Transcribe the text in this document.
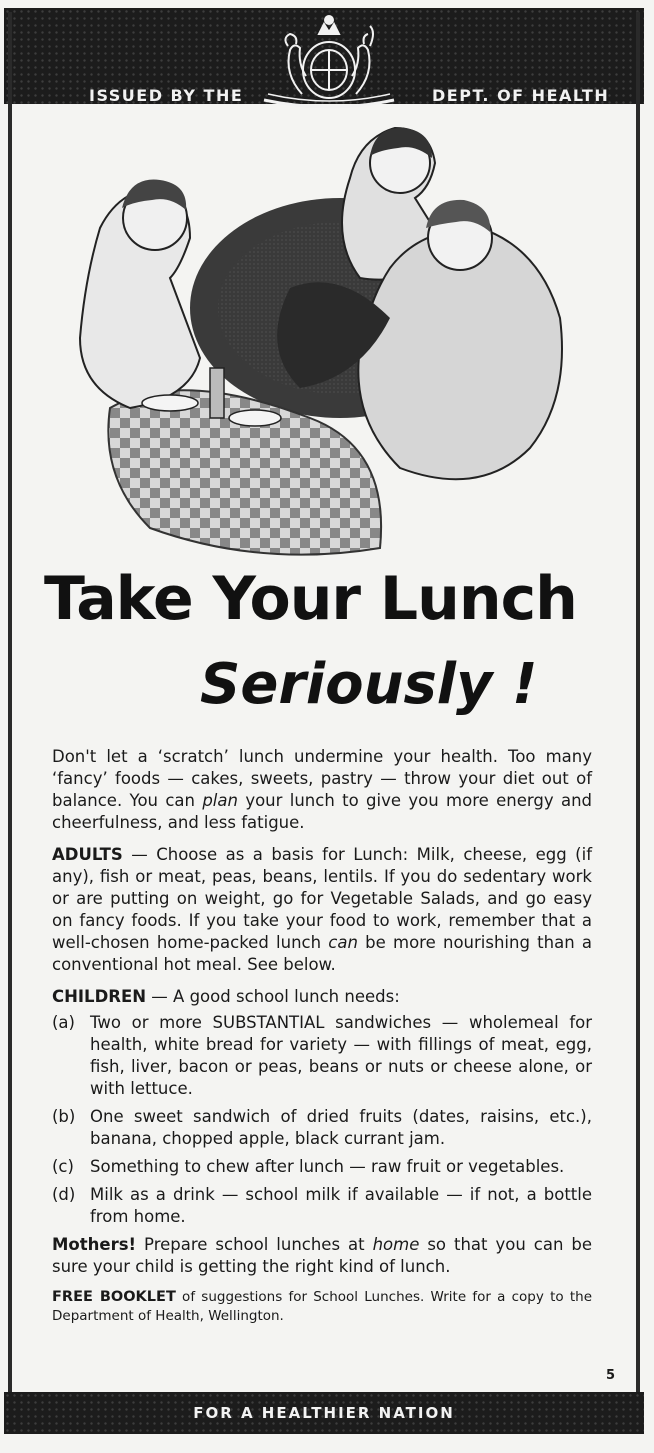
ISSUED BY THE	DEPT. OF HEALTH
Take Your Lunch
Seriously !

Don't let a ‘scratch’ lunch undermine your health. Too many ‘fancy’ foods — cakes, sweets, pastry — throw your diet out of balance. You can plan your lunch to give you more energy and cheerfulness, and less fatigue.

ADULTS — Choose as a basis for Lunch: Milk, cheese, egg (if any), fish or meat, peas, beans, lentils. If you do sedentary work or are putting on weight, go for Vegetable Salads, and go easy on fancy foods. If you take your food to work, remember that a well-chosen home-packed lunch can be more nourishing than a conventional hot meal. See below.

CHILDREN — A good school lunch needs:

(a) Two or more SUBSTANTIAL sandwiches — wholemeal for health, white bread for variety — with fillings of meat, egg, fish, liver, bacon or peas, beans or nuts or cheese alone, or with lettuce.
(b) One sweet sandwich of dried fruits (dates, raisins, etc.), banana, chopped apple, black currant jam.
(c) Something to chew after lunch — raw fruit or vegetables.
(d) Milk as a drink — school milk if available — if not, a bottle from home.

Mothers! Prepare school lunches at home so that you can be sure your child is getting the right kind of lunch.

FREE BOOKLET of suggestions for School Lunches. Write for a copy to the Department of Health, Wellington.

5
FOR A HEALTHIER NATION
